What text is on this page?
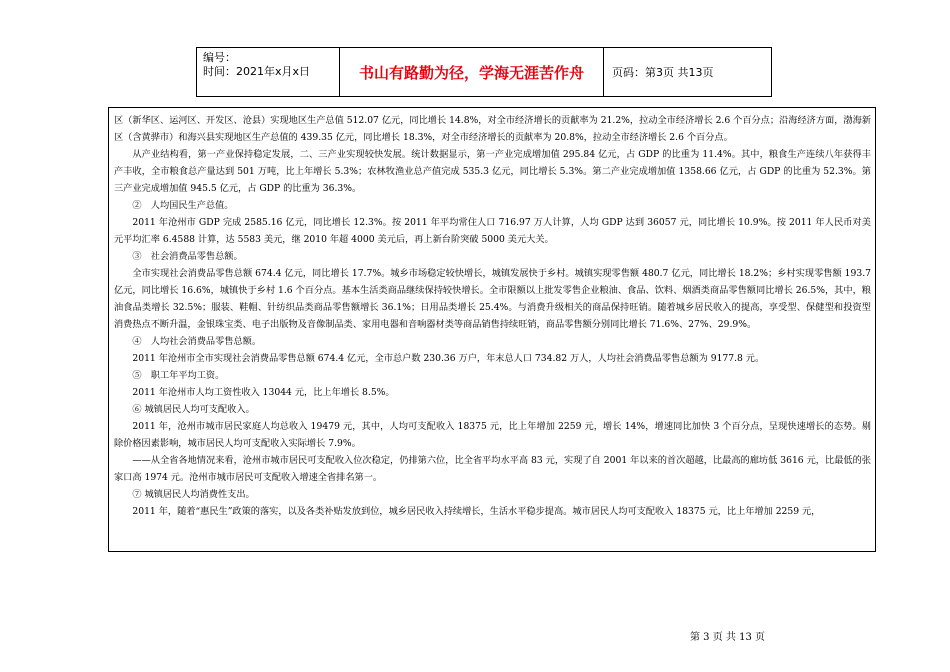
编号：
时间：2021年x月x日	书山有路勤为径，学海无涯苦作舟	页码：第3页 共13页

区（新华区、运河区、开发区、沧县）实现地区生产总值 512.07 亿元，同比增长 14.8%，对全市经济增长的贡献率为 21.2%，拉动全市经济增长 2.6 个百分点；沿海经济方面，渤海新区（含黄骅市）和海兴县实现地区生产总值的 439.35 亿元，同比增长 18.3%，对全市经济增长的贡献率为 20.8%，拉动全市经济增长 2.6 个百分点。

从产业结构看，第一产业保持稳定发展，二、三产业实现较快发展。统计数据显示，第一产业完成增加值 295.84 亿元，占 GDP 的比重为 11.4%。其中，粮食生产连续八年获得丰产丰收，全市粮食总产量达到 501 万吨，比上年增长 5.3%；农林牧渔业总产值完成 535.3 亿元，同比增长 5.3%。第二产业完成增加值 1358.66 亿元，占 GDP 的比重为 52.3%。第三产业完成增加值 945.5 亿元，占 GDP 的比重为 36.3%。

②　人均国民生产总值。

2011 年沧州市 GDP 完成 2585.16 亿元，同比增长 12.3%。按 2011 年平均常住人口 716.97 万人计算，人均 GDP 达到 36057 元，同比增长 10.9%。按 2011 年人民币对美元平均汇率 6.4588 计算，达 5583 美元，继 2010 年超 4000 美元后，再上新台阶突破 5000 美元大关。

③　社会消费品零售总额。

全市实现社会消费品零售总额 674.4 亿元，同比增长 17.7%。城乡市场稳定较快增长，城镇发展快于乡村。城镇实现零售额 480.7 亿元，同比增长 18.2%；乡村实现零售额 193.7 亿元，同比增长 16.6%，城镇快于乡村 1.6 个百分点。基本生活类商品继续保持较快增长。全市限额以上批发零售企业粮油、食品、饮料、烟酒类商品零售额同比增长 26.5%，其中，粮油食品类增长 32.5%；服装、鞋帽、针纺织品类商品零售额增长 36.1%；日用品类增长 25.4%。与消费升级相关的商品保持旺销。随着城乡居民收入的提高，享受型、保健型和投资型消费热点不断升温，金银珠宝类、电子出版物及音像制品类、家用电器和音响器材类等商品销售持续旺销，商品零售额分别同比增长 71.6%、27%、29.9%。

④　人均社会消费品零售总额。

2011 年沧州市全市实现社会消费品零售总额 674.4 亿元，全市总户数 230.36 万户，年末总人口 734.82 万人，人均社会消费品零售总额为 9177.8 元。

⑤　职工年平均工资。

2011 年沧州市人均工资性收入 13044 元，比上年增长 8.5%。

⑥ 城镇居民人均可支配收入。

2011 年，沧州市城市居民家庭人均总收入 19479 元，其中，人均可支配收入 18375 元，比上年增加 2259 元，增长 14%，增速同比加快 3 个百分点，呈现快速增长的态势。剔除价格因素影响，城市居民人均可支配收入实际增长 7.9%。

——从全省各地情况来看，沧州市城市居民可支配收入位次稳定，仍排第六位，比全省平均水平高 83 元，实现了自 2001 年以来的首次超越，比最高的廊坊低 3616 元，比最低的张家口高 1974 元。沧州市城市居民可支配收入增速全省排名第一。

⑦ 城镇居民人均消费性支出。

2011 年，随着“惠民生”政策的落实，以及各类补贴发放到位，城乡居民收入持续增长，生活水平稳步提高。城市居民人均可支配收入 18375 元，比上年增加 2259 元，

第 3 页 共 13 页
